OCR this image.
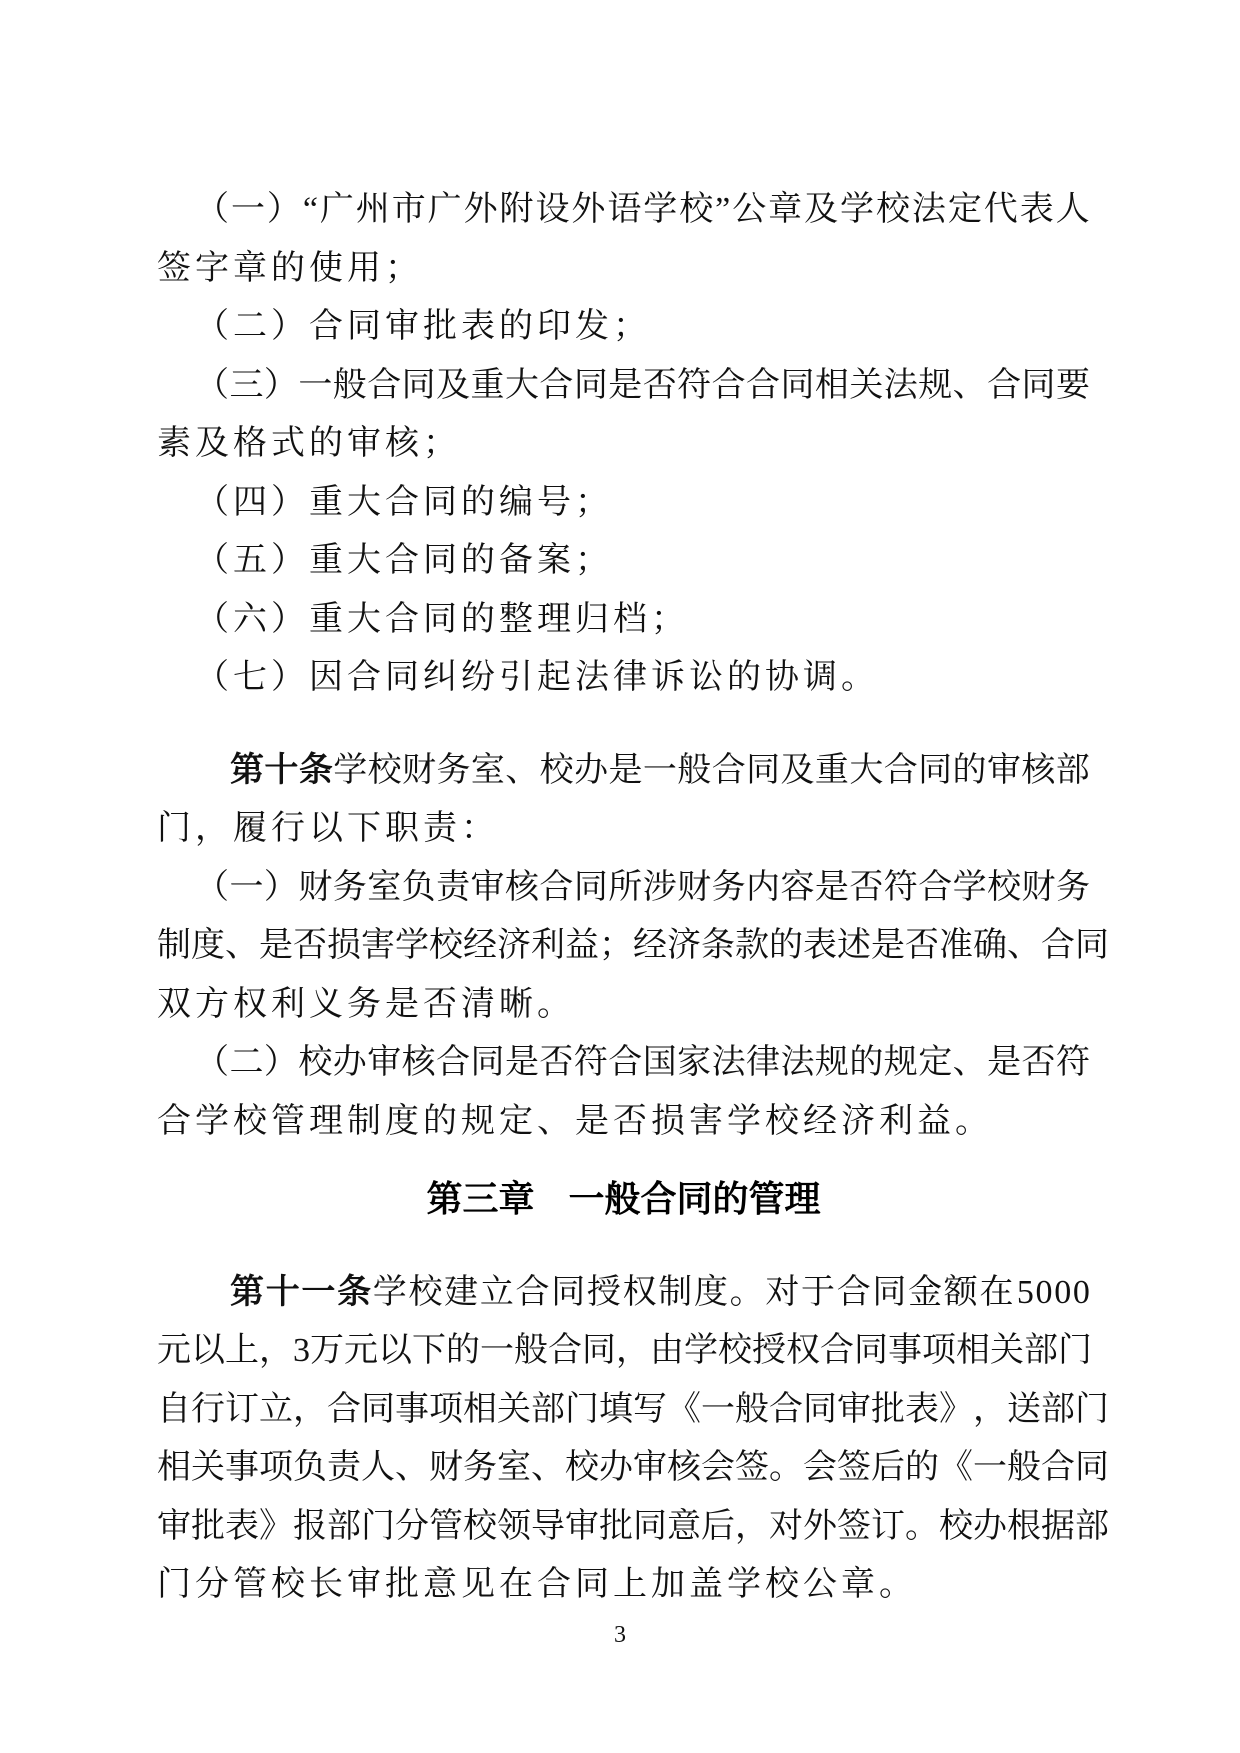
（ 一 ） “ 广 州 市 广 外 附 设 外 语 学 校 ” 公 章 及 学 校 法 定 代 表 人
签字章的使用；
（二）合同审批表的印发；
（ 三 ） 一 般 合 同 及 重 大 合 同 是 否 符 合 合 同 相 关 法 规 、 合 同 要
素及格式的审核；
（四）重大合同的编号；
（五）重大合同的备案；
（六）重大合同的整理归档；
（七）因合同纠纷引起法律诉讼的协调。
第 十 条 学 校 财 务 室 、 校 办 是 一 般 合 同 及 重 大 合 同 的 审 核 部
门，履行以下职责：
（ 一 ） 财 务 室 负 责 审 核 合 同 所 涉 财 务 内 容 是 否 符 合 学 校 财 务
制 度 、 是 否 损 害 学 校 经 济 利 益 ； 经 济 条 款 的 表 述 是 否 准 确 、 合 同
双方权利义务是否清晰。
（ 二 ） 校 办 审 核 合 同 是 否 符 合 国 家 法 律 法 规 的 规 定 、 是 否 符
合学校管理制度的规定、是否损害学校经济利益。
第三章 一般合同的管理
第 十 一 条 学 校 建 立 合 同 授 权 制 度 。 对 于 合 同 金 额 在 5 0 0 0
元 以 上 ， 3 万 元 以 下 的 一 般 合 同 ， 由 学 校 授 权 合 同 事 项 相 关 部 门
自 行 订 立 ， 合 同 事 项 相 关 部 门 填 写 《 一 般 合 同 审 批 表 》 ， 送 部 门
相 关 事 项 负 责 人 、 财 务 室 、 校 办 审 核 会 签 。 会 签 后 的 《 一 般 合 同
审 批 表 》 报 部 门 分 管 校 领 导 审 批 同 意 后 ， 对 外 签 订 。 校 办 根 据 部
门分管校长审批意见在合同上加盖学校公章。
3
